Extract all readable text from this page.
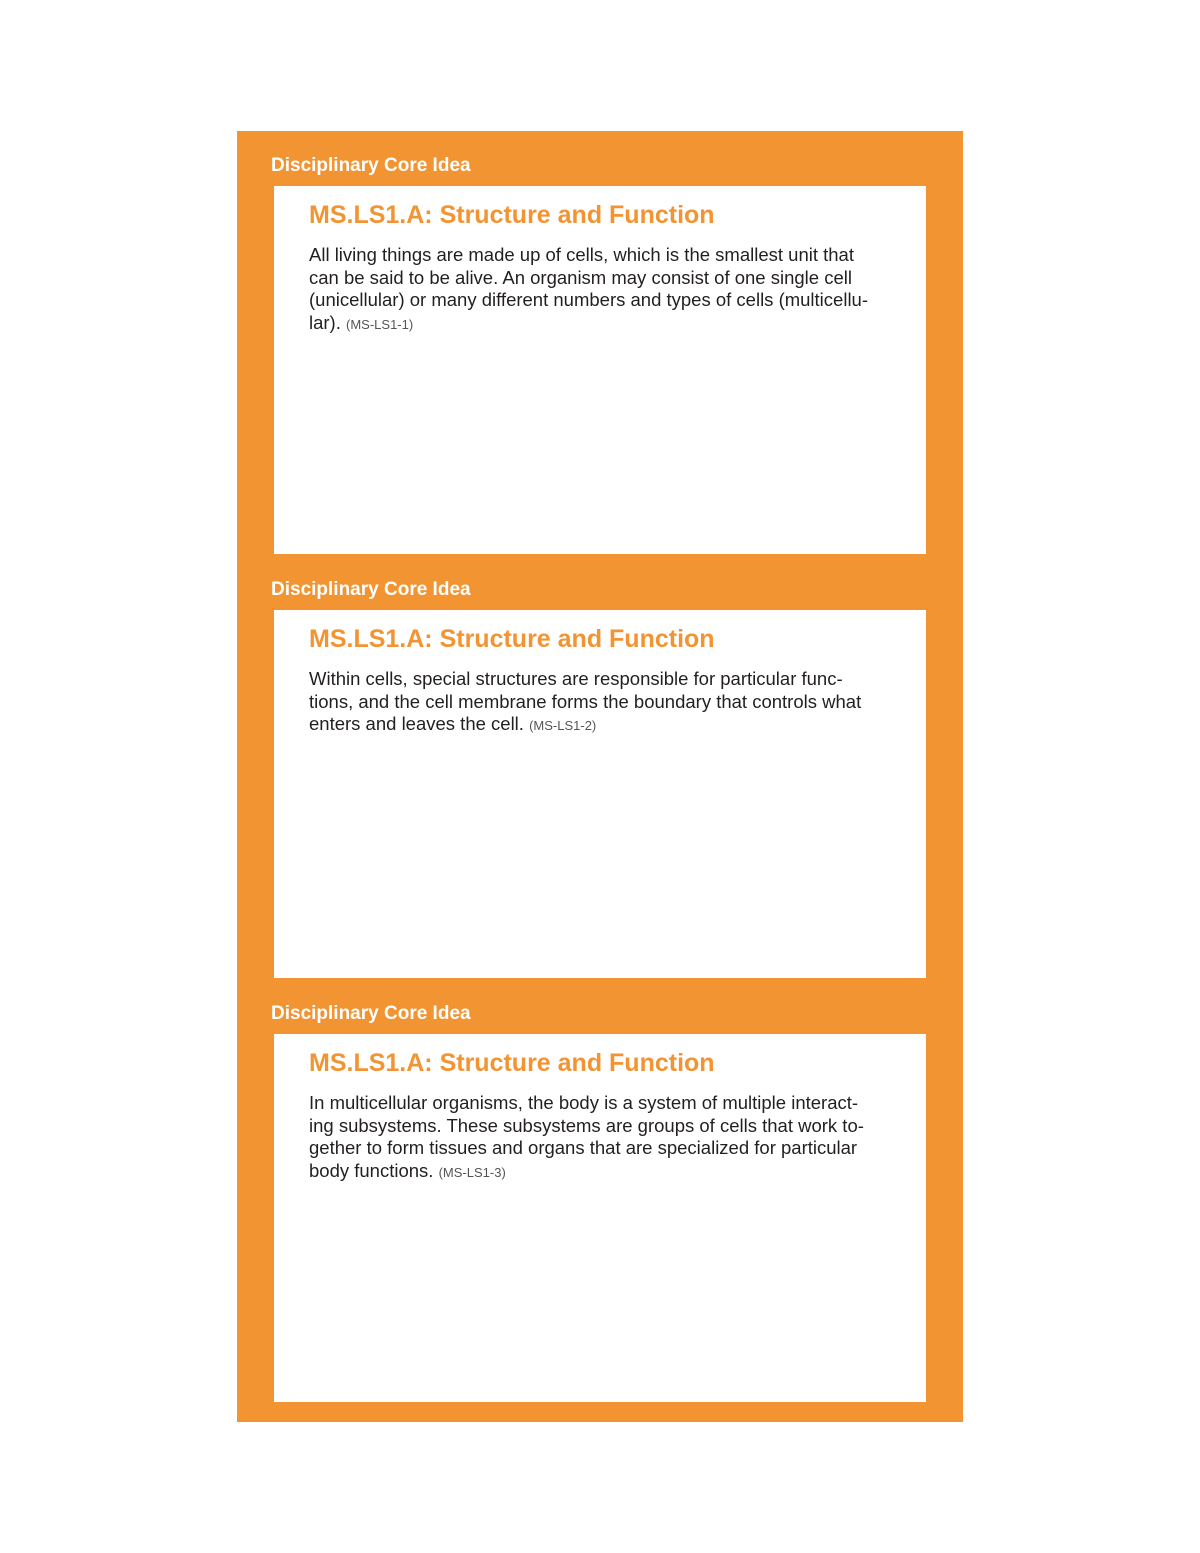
Disciplinary Core Idea
MS.LS1.A: Structure and Function

All living things are made up of cells, which is the smallest unit that
can be said to be alive. An organism may consist of one single cell
(unicellular) or many different numbers and types of cells (multicellu-
lar). (MS-LS1-1)

Disciplinary Core Idea
MS.LS1.A: Structure and Function

Within cells, special structures are responsible for particular func-
tions, and the cell membrane forms the boundary that controls what
enters and leaves the cell. (MS-LS1-2)

Disciplinary Core Idea
MS.LS1.A: Structure and Function

In multicellular organisms, the body is a system of multiple interact-
ing subsystems. These subsystems are groups of cells that work to-
gether to form tissues and organs that are specialized for particular
body functions. (MS-LS1-3)
